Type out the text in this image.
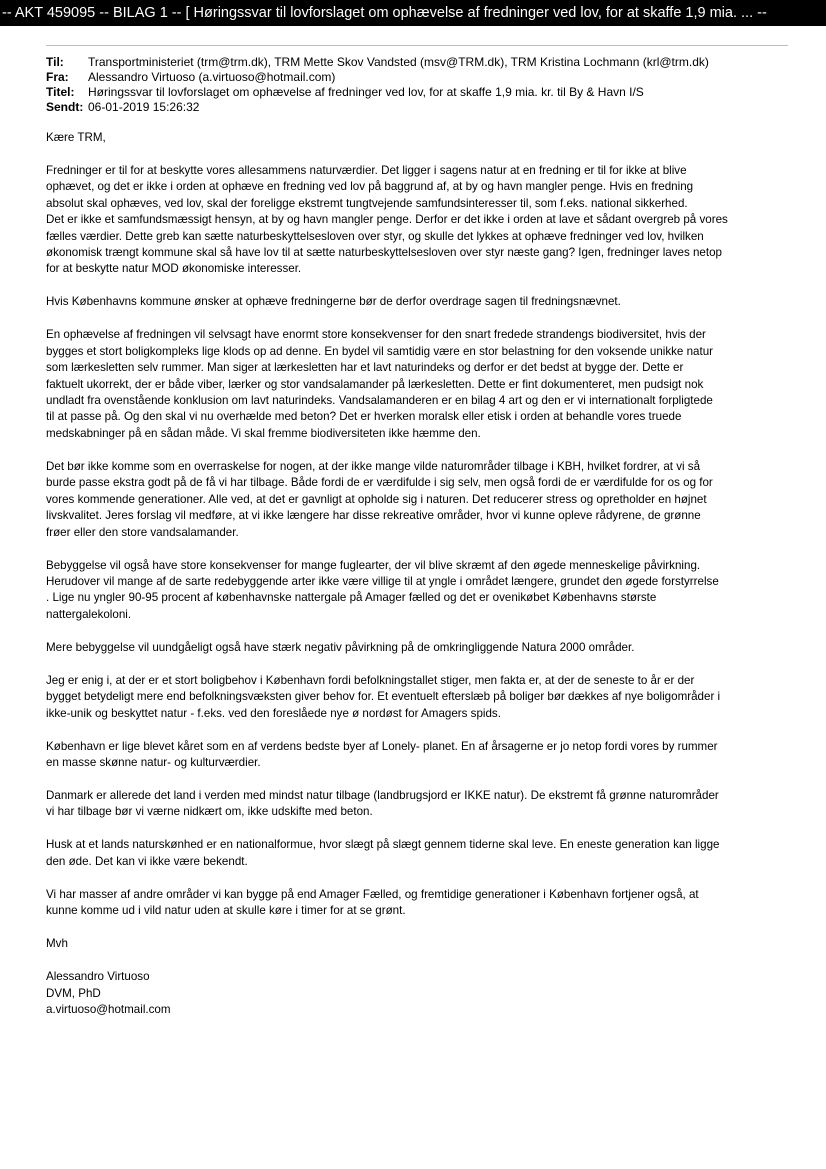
-- AKT 459095 -- BILAG 1 -- [ Høringssvar til lovforslaget om ophævelse af fredninger ved lov, for at skaffe 1,9 mia. ... --
Til:	Transportministeriet (trm@trm.dk), TRM Mette Skov Vandsted (msv@TRM.dk), TRM Kristina Lochmann (krl@trm.dk)
Fra:	Alessandro Virtuoso (a.virtuoso@hotmail.com)
Titel:	Høringssvar til lovforslaget om ophævelse af fredninger ved lov, for at skaffe 1,9 mia. kr. til By & Havn I/S
Sendt: 06-01-2019 15:26:32

Kære TRM,

Fredninger er til for at beskytte vores allesammens naturværdier. Det ligger i sagens natur at en fredning er til for ikke at blive
ophævet, og det er ikke i orden at ophæve en fredning ved lov på baggrund af, at by og havn mangler penge. Hvis en fredning
absolut skal ophæves, ved lov, skal der foreligge ekstremt tungtvejende samfundsinteresser til, som f.eks. national sikkerhed.
Det er ikke et samfundsmæssigt hensyn, at by og havn mangler penge. Derfor er det ikke i orden at lave et sådant overgreb på vores
fælles værdier. Dette greb kan sætte naturbeskyttelsesloven over styr, og skulle det lykkes at ophæve fredninger ved lov, hvilken
økonomisk trængt kommune skal så have lov til at sætte naturbeskyttelsesloven over styr næste gang? Igen, fredninger laves netop
for at beskytte natur MOD økonomiske interesser.

Hvis Københavns kommune ønsker at ophæve fredningerne bør de derfor overdrage sagen til fredningsnævnet.

En ophævelse af fredningen vil selvsagt have enormt store konsekvenser for den snart fredede strandengs biodiversitet, hvis der
bygges et stort boligkompleks lige klods op ad denne. En bydel vil samtidig være en stor belastning for den voksende unikke natur
som lærkesletten selv rummer. Man siger at lærkesletten har et lavt naturindeks og derfor er det bedst at bygge der. Dette er
faktuelt ukorrekt, der er både viber, lærker og stor vandsalamander på lærkesletten. Dette er fint dokumenteret, men pudsigt nok
undladt fra ovenstående konklusion om lavt naturindeks. Vandsalamanderen er en bilag 4 art og den er vi internationalt forpligtede
til at passe på. Og den skal vi nu overhælde med beton? Det er hverken moralsk eller etisk i orden at behandle vores truede
medskabninger på en sådan måde. Vi skal fremme biodiversiteten ikke hæmme den.

Det bør ikke komme som en overraskelse for nogen, at der ikke mange vilde naturområder tilbage i KBH, hvilket fordrer, at vi så
burde passe ekstra godt på de få vi har tilbage. Både fordi de er værdifulde i sig selv, men også fordi de er værdifulde for os og for
vores kommende generationer. Alle ved, at det er gavnligt at opholde sig i naturen. Det reducerer stress og opretholder en højnet
livskvalitet. Jeres forslag vil medføre, at vi ikke længere har disse rekreative områder, hvor vi kunne opleve rådyrene, de grønne
frøer eller den store vandsalamander.

Bebyggelse vil også have store konsekvenser for mange fuglearter, der vil blive skræmt af den øgede menneskelige påvirkning.
Herudover vil mange af de sarte redebyggende arter ikke være villige til at yngle i området længere, grundet den øgede forstyrrelse
. Lige nu yngler 90-95 procent af københavnske nattergale på Amager fælled og det er ovenikøbet Københavns største
nattergalekoloni.

Mere bebyggelse vil uundgåeligt også have stærk negativ påvirkning på de omkringliggende Natura 2000 områder.

Jeg er enig i, at der er et stort boligbehov i København fordi befolkningstallet stiger, men fakta er, at der de seneste to år er der
bygget betydeligt mere end befolkningsvæksten giver behov for. Et eventuelt efterslæb på boliger bør dækkes af nye boligområder i
ikke-unik og beskyttet natur - f.eks. ved den foreslåede nye ø nordøst for Amagers spids.

København er lige blevet kåret som en af verdens bedste byer af Lonely- planet. En af årsagerne er jo netop fordi vores by rummer
en masse skønne natur- og kulturværdier.

Danmark er allerede det land i verden med mindst natur tilbage (landbrugsjord er IKKE natur). De ekstremt få grønne naturområder
vi har tilbage bør vi værne nidkært om, ikke udskifte med beton.

Husk at et lands naturskønhed er en nationalformue, hvor slægt på slægt gennem tiderne skal leve. En eneste generation kan ligge
den øde. Det kan vi ikke være bekendt.

Vi har masser af andre områder vi kan bygge på end Amager Fælled, og fremtidige generationer i København fortjener også, at
kunne komme ud i vild natur uden at skulle køre i timer for at se grønt.

Mvh

Alessandro Virtuoso
DVM, PhD
a.virtuoso@hotmail.com
